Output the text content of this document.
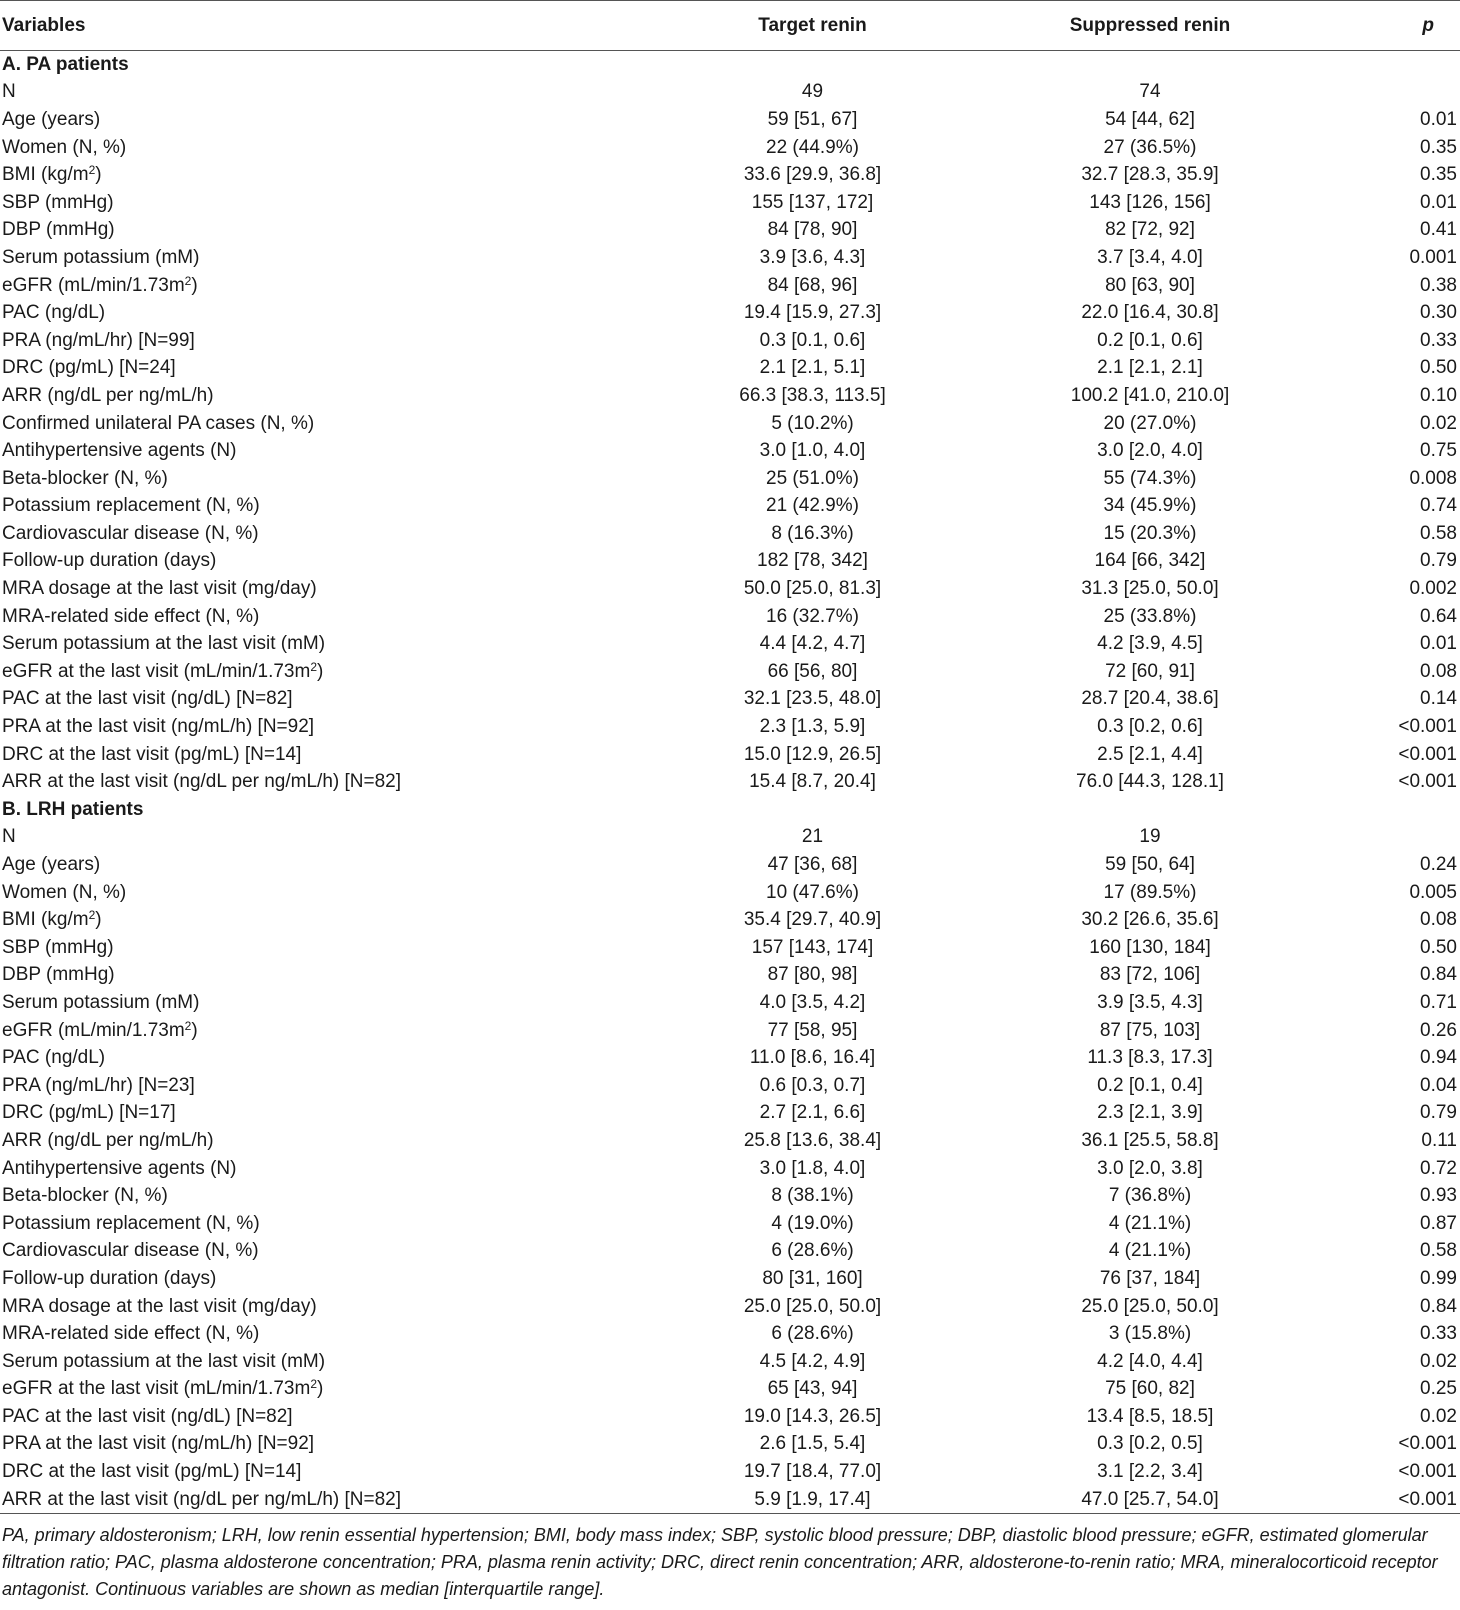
Variables	Target renin	Suppressed renin	p
A. PA patients			
N	49	74	
Age (years)	59 [51, 67]	54 [44, 62]	0.01
Women (N, %)	22 (44.9%)	27 (36.5%)	0.35
BMI $(kg/m^2)$	33.6 [29.9, 36.8]	32.7 [28.3, 35.9]	0.35
SBP (mmHg)	155 [137, 172]	143 [126, 156]	0.01
DBP (mmHg)	84 [78, 90]	82 [72, 92]	0.41
Serum potassium (mM)	3.9 [3.6, 4.3]	3.7 [3.4, 4.0]	0.001
eGFR $(mL/\min/1.73m^2)$	84 [68, 96]	80 [63, 90]	0.38
PAC (ng/dL)	19.4 [15.9, 27.3]	22.0 [16.4, 30.8]	0.30
PRA (ng/mL/hr) [N=99]	0.3 [0.1, 0.6]	0.2 [0.1, 0.6]	0.33
DRC (pg/mL) [N=24]	2.1 [2.1, 5.1]	2.1 [2.1, 2.1]	0.50
ARR (ng/dL per ng/mL/h)	66.3 [38.3, 113.5]	100.2 [41.0, 210.0]	0.10
Confirmed unilateral PA cases (N, %)	5 (10.2%)	20 (27.0%)	0.02
Antihypertensive agents (N)	3.0 [1.0, 4.0]	3.0 [2.0, 4.0]	0.75
Beta-blocker (N, %)	25 (51.0%)	55 (74.3%)	0.008
Potassium replacement (N, %)	21 (42.9%)	34 (45.9%)	0.74
Cardiovascular disease (N, %)	8 (16.3%)	15 (20.3%)	0.58
Follow-up duration (days)	182 [78, 342]	164 [66, 342]	0.79
MRA dosage at the last visit (mg/day)	50.0 [25.0, 81.3]	31.3 [25.0, 50.0]	0.002
MRA-related side effect (N, %)	16 (32.7%)	25 (33.8%)	0.64
Serum potassium at the last visit (mM)	4.4 [4.2, 4.7]	4.2 [3.9, 4.5]	0.01
eGFR at the last visit $(mL/\min/1.73m^2)$	66 [56, 80]	72 [60, 91]	0.08
PAC at the last visit (ng/dL) [N=82]	32.1 [23.5, 48.0]	28.7 [20.4, 38.6]	0.14
PRA at the last visit (ng/mL/h) [N=92]	2.3 [1.3, 5.9]	0.3 [0.2, 0.6]	<0.001
DRC at the last visit (pg/mL) [N=14]	15.0 [12.9, 26.5]	2.5 [2.1, 4.4]	<0.001
ARR at the last visit (ng/dL per ng/mL/h) [N=82]	15.4 [8.7, 20.4]	76.0 [44.3, 128.1]	<0.001
B. LRH patients			
N	21	19	
Age (years)	47 [36, 68]	59 [50, 64]	0.24
Women (N, %)	10 (47.6%)	17 (89.5%)	0.005
BMI $(kg/m^2)$	35.4 [29.7, 40.9]	30.2 [26.6, 35.6]	0.08
SBP (mmHg)	157 [143, 174]	160 [130, 184]	0.50
DBP (mmHg)	87 [80, 98]	83 [72, 106]	0.84
Serum potassium (mM)	4.0 [3.5, 4.2]	3.9 [3.5, 4.3]	0.71
eGFR $(mL/\min/1.73m^2)$	77 [58, 95]	87 [75, 103]	0.26
PAC (ng/dL)	11.0 [8.6, 16.4]	11.3 [8.3, 17.3]	0.94
PRA (ng/mL/hr) [N=23]	0.6 [0.3, 0.7]	0.2 [0.1, 0.4]	0.04
DRC (pg/mL) [N=17]	2.7 [2.1, 6.6]	2.3 [2.1, 3.9]	0.79
ARR (ng/dL per ng/mL/h)	25.8 [13.6, 38.4]	36.1 [25.5, 58.8]	0.11
Antihypertensive agents (N)	3.0 [1.8, 4.0]	3.0 [2.0, 3.8]	0.72
Beta-blocker (N, %)	8 (38.1%)	7 (36.8%)	0.93
Potassium replacement (N, %)	4 (19.0%)	4 (21.1%)	0.87
Cardiovascular disease (N, %)	6 (28.6%)	4 (21.1%)	0.58
Follow-up duration (days)	80 [31, 160]	76 [37, 184]	0.99
MRA dosage at the last visit (mg/day)	25.0 [25.0, 50.0]	25.0 [25.0, 50.0]	0.84
MRA-related side effect (N, %)	6 (28.6%)	3 (15.8%)	0.33
Serum potassium at the last visit (mM)	4.5 [4.2, 4.9]	4.2 [4.0, 4.4]	0.02
eGFR at the last visit $(mL/\min/1.73m^2)$	65 [43, 94]	75 [60, 82]	0.25
PAC at the last visit (ng/dL) [N=82]	19.0 [14.3, 26.5]	13.4 [8.5, 18.5]	0.02
PRA at the last visit (ng/mL/h) [N=92]	2.6 [1.5, 5.4]	0.3 [0.2, 0.5]	<0.001
DRC at the last visit (pg/mL) [N=14]	19.7 [18.4, 77.0]	3.1 [2.2, 3.4]	<0.001
ARR at the last visit (ng/dL per ng/mL/h) [N=82]	5.9 [1.9, 17.4]	47.0 [25.7, 54.0]	<0.001
PA, primary aldosteronism; LRH, low renin essential hypertension; BMI, body mass index; SBP, systolic blood pressure; DBP, diastolic blood pressure; eGFR, estimated glomerular filtration ratio; PAC, plasma aldosterone concentration; PRA, plasma renin activity; DRC, direct renin concentration; ARR, aldosterone-to-renin ratio; MRA, mineralocorticoid receptor antagonist. Continuous variables are shown as median [interquartile range].
